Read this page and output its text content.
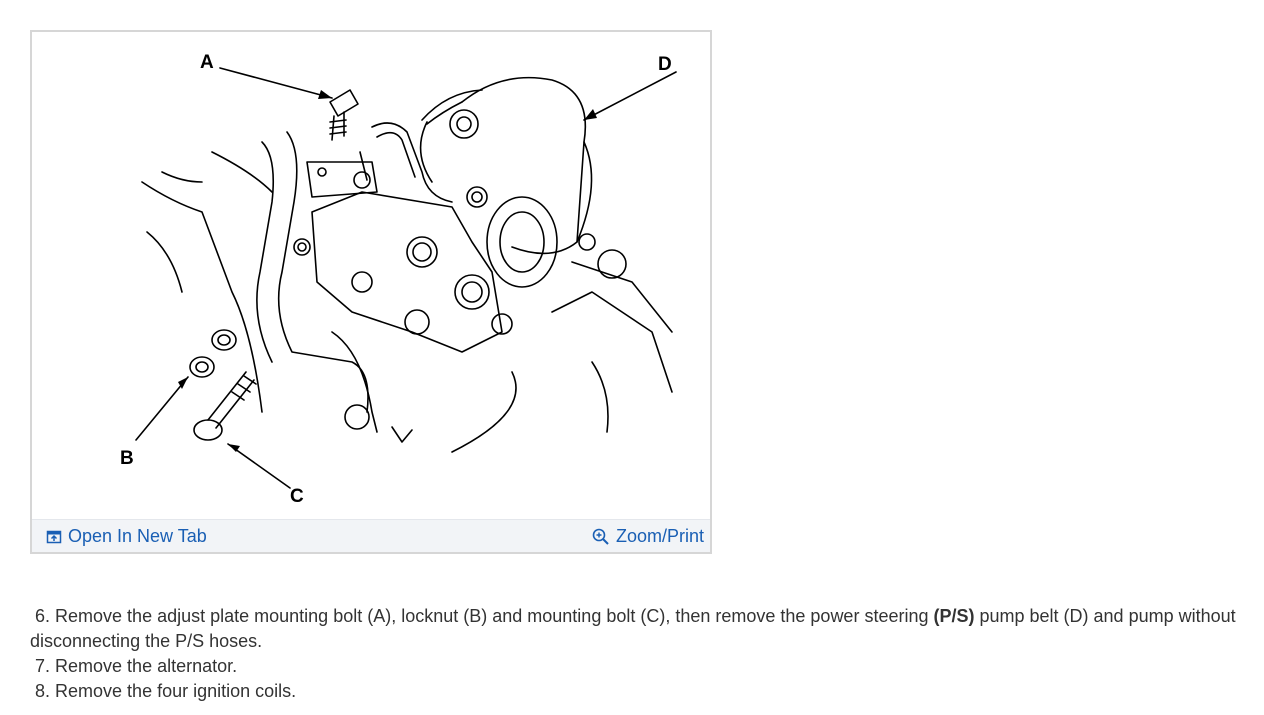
A	D
B
C
Open In New Tab	Zoom/Print

6. Remove the adjust plate mounting bolt (A), locknut (B) and mounting bolt (C), then remove the power steering (P/S) pump belt (D) and pump without disconnecting the P/S hoses.

7. Remove the alternator.

8. Remove the four ignition coils.
